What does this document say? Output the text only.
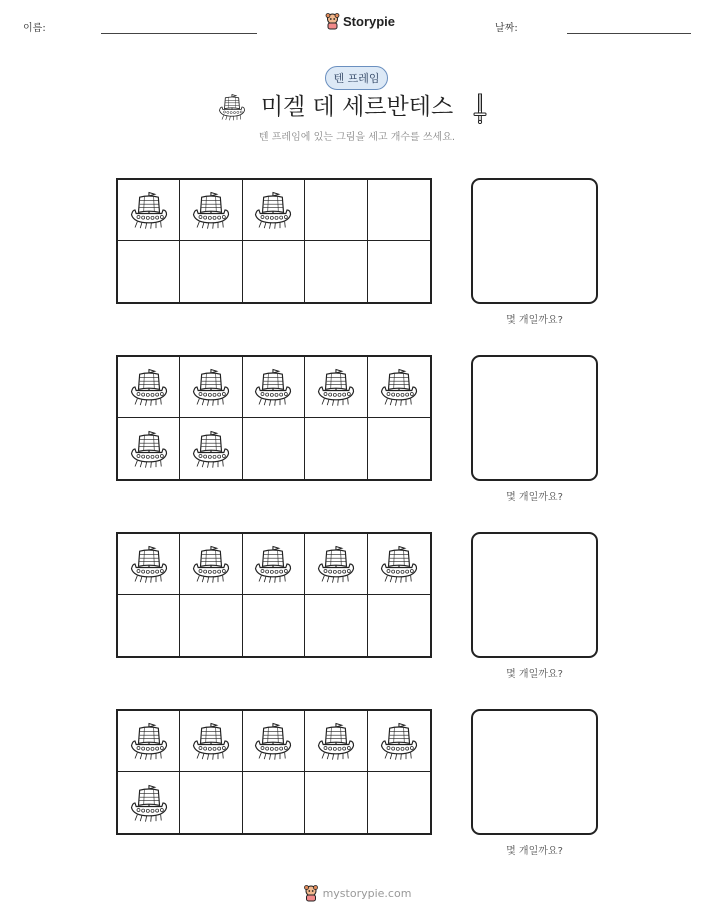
이름:	Storypie	날짜:
텐 프레임
미겔 데 세르반테스
텐 프레임에 있는 그림을 세고 개수를 쓰세요.
몇 개일까요?
몇 개일까요?
몇 개일까요?
몇 개일까요?
mystorypie.com
